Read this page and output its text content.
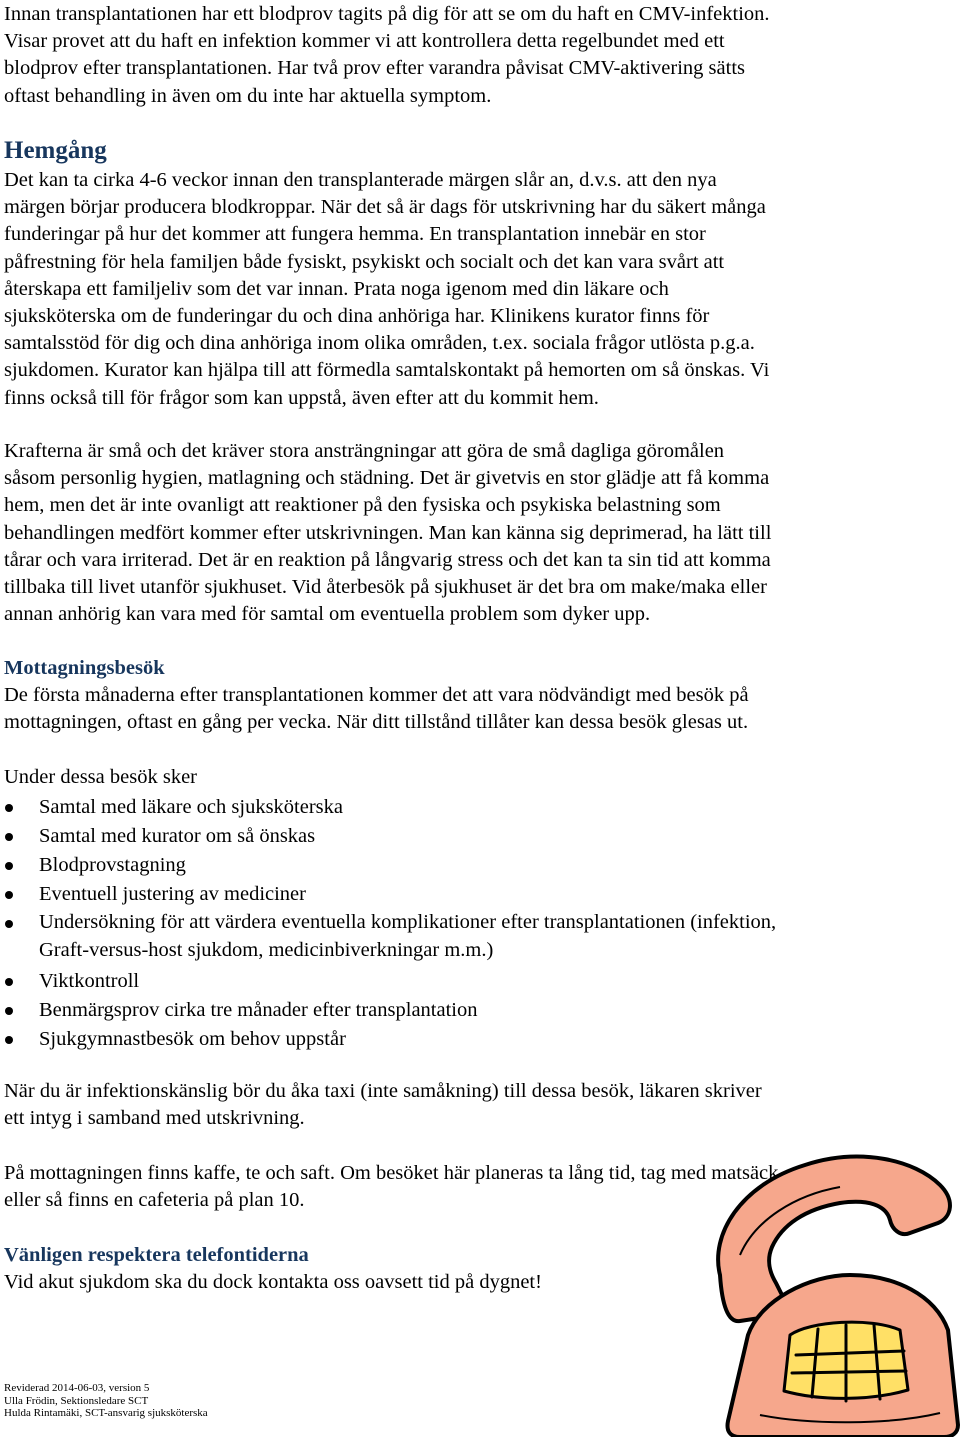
Innan transplantationen har ett blodprov tagits på dig för att se om du haft en CMV-infektion.
Visar provet att du haft en infektion kommer vi att kontrollera detta regelbundet med ett
blodprov efter transplantationen. Har två prov efter varandra påvisat CMV-aktivering sätts
oftast behandling in även om du inte har aktuella symptom.
Hemgång
Det kan ta cirka 4-6 veckor innan den transplanterade märgen slår an, d.v.s. att den nya
märgen börjar producera blodkroppar. När det så är dags för utskrivning har du säkert många
funderingar på hur det kommer att fungera hemma. En transplantation innebär en stor
påfrestning för hela familjen både fysiskt, psykiskt och socialt och det kan vara svårt att
återskapa ett familjeliv som det var innan. Prata noga igenom med din läkare och
sjuksköterska om de funderingar du och dina anhöriga har. Klinikens kurator finns för
samtalsstöd för dig och dina anhöriga inom olika områden, t.ex. sociala frågor utlösta p.g.a.
sjukdomen. Kurator kan hjälpa till att förmedla samtalskontakt på hemorten om så önskas. Vi
finns också till för frågor som kan uppstå, även efter att du kommit hem.
Krafterna är små och det kräver stora ansträngningar att göra de små dagliga göromålen
såsom personlig hygien, matlagning och städning. Det är givetvis en stor glädje att få komma
hem, men det är inte ovanligt att reaktioner på den fysiska och psykiska belastning som
behandlingen medfört kommer efter utskrivningen. Man kan känna sig deprimerad, ha lätt till
tårar och vara irriterad. Det är en reaktion på långvarig stress och det kan ta sin tid att komma
tillbaka till livet utanför sjukhuset. Vid återbesök på sjukhuset är det bra om make/maka eller
annan anhörig kan vara med för samtal om eventuella problem som dyker upp.
Mottagningsbesök
De första månaderna efter transplantationen kommer det att vara nödvändigt med besök på
mottagningen, oftast en gång per vecka. När ditt tillstånd tillåter kan dessa besök glesas ut.
Under dessa besök sker
Samtal med läkare och sjuksköterska
Samtal med kurator om så önskas
Blodprovstagning
Eventuell justering av mediciner
Undersökning för att värdera eventuella komplikationer efter transplantationen (infektion,
Graft-versus-host sjukdom, medicinbiverkningar m.m.)
Viktkontroll
Benmärgsprov cirka tre månader efter transplantation
Sjukgymnastbesök om behov uppstår
När du är infektionskänslig bör du åka taxi (inte samåkning) till dessa besök, läkaren skriver
ett intyg i samband med utskrivning.
På mottagningen finns kaffe, te och saft. Om besöket här planeras ta lång tid, tag med matsäck
eller så finns en cafeteria på plan 10.
Vänligen respektera telefontiderna
Vid akut sjukdom ska du dock kontakta oss oavsett tid på dygnet!
Reviderad 2014-06-03, version 5
Ulla Frödin, Sektionsledare SCT
Hulda Rintamäki, SCT-ansvarig sjuksköterska
